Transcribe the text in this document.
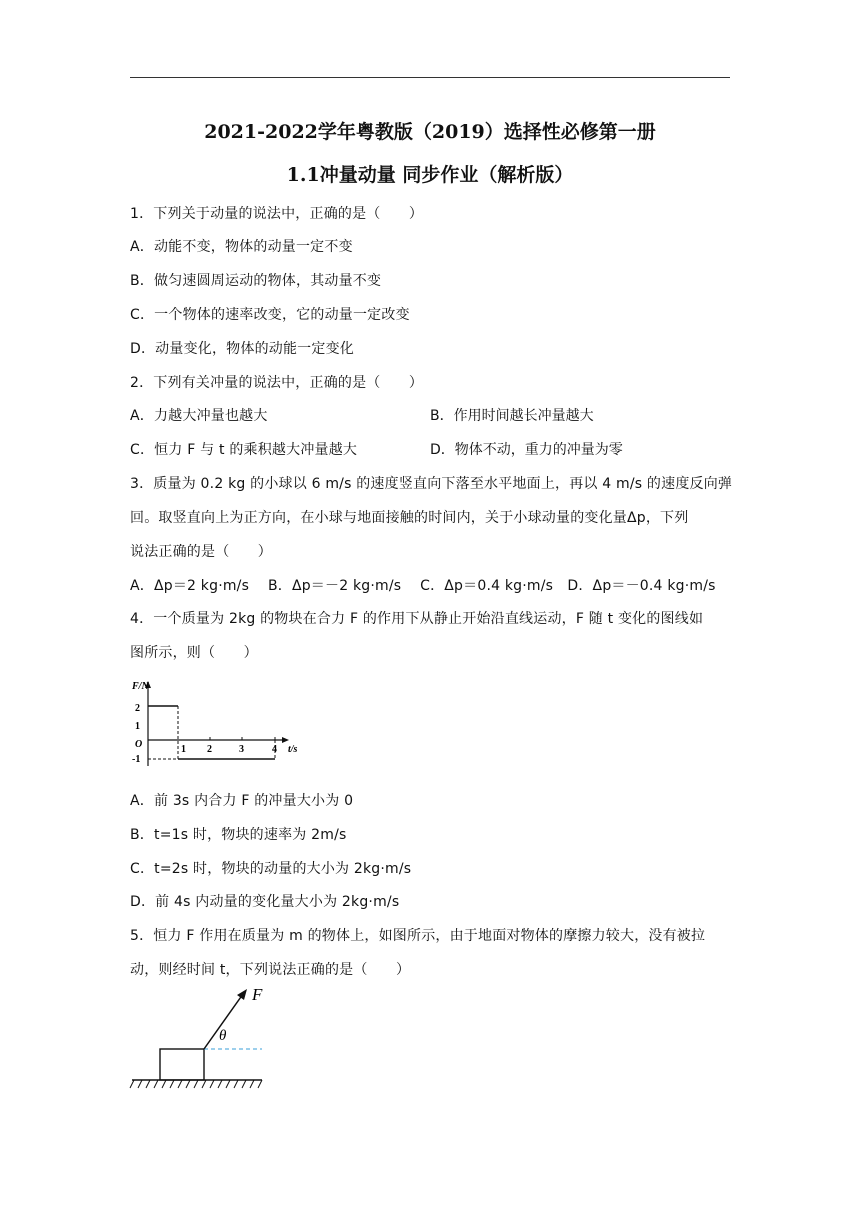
2021-2022学年粤教版（2019）选择性必修第一册
1.1冲量动量 同步作业（解析版）
1．下列关于动量的说法中，正确的是（　　）
A．动能不变，物体的动量一定不变
B．做匀速圆周运动的物体，其动量不变
C．一个物体的速率改变，它的动量一定改变
D．动量变化，物体的动能一定变化
2．下列有关冲量的说法中，正确的是（　　）
A．力越大冲量也越大	B．作用时间越长冲量越大
C．恒力 F 与 t 的乘积越大冲量越大	D．物体不动，重力的冲量为零
3．质量为 0.2 kg 的小球以 6 m/s 的速度竖直向下落至水平地面上，再以 4 m/s 的速度反向弹
回。取竖直向上为正方向，在小球与地面接触的时间内，关于小球动量的变化量Δp，下列
说法正确的是（　　）
A．Δp＝2 kg·m/s　 B．Δp＝－2 kg·m/s　 C．Δp＝0.4 kg·m/s　D．Δp＝－0.4 kg·m/s
4．一个质量为 2kg 的物块在合力 F 的作用下从静止开始沿直线运动，F 随 t 变化的图线如
图所示，则（　　）
F/N
t/s
2
1
O
-1
1 2	3	4
A．前 3s 内合力 F 的冲量大小为 0
B．t=1s 时，物块的速率为 2m/s
C．t=2s 时，物块的动量的大小为 2kg·m/s
D．前 4s 内动量的变化量大小为 2kg·m/s
5．恒力 F 作用在质量为 m 的物体上，如图所示，由于地面对物体的摩擦力较大，没有被拉
动，则经时间 t，下列说法正确的是（　　）
F
θ
